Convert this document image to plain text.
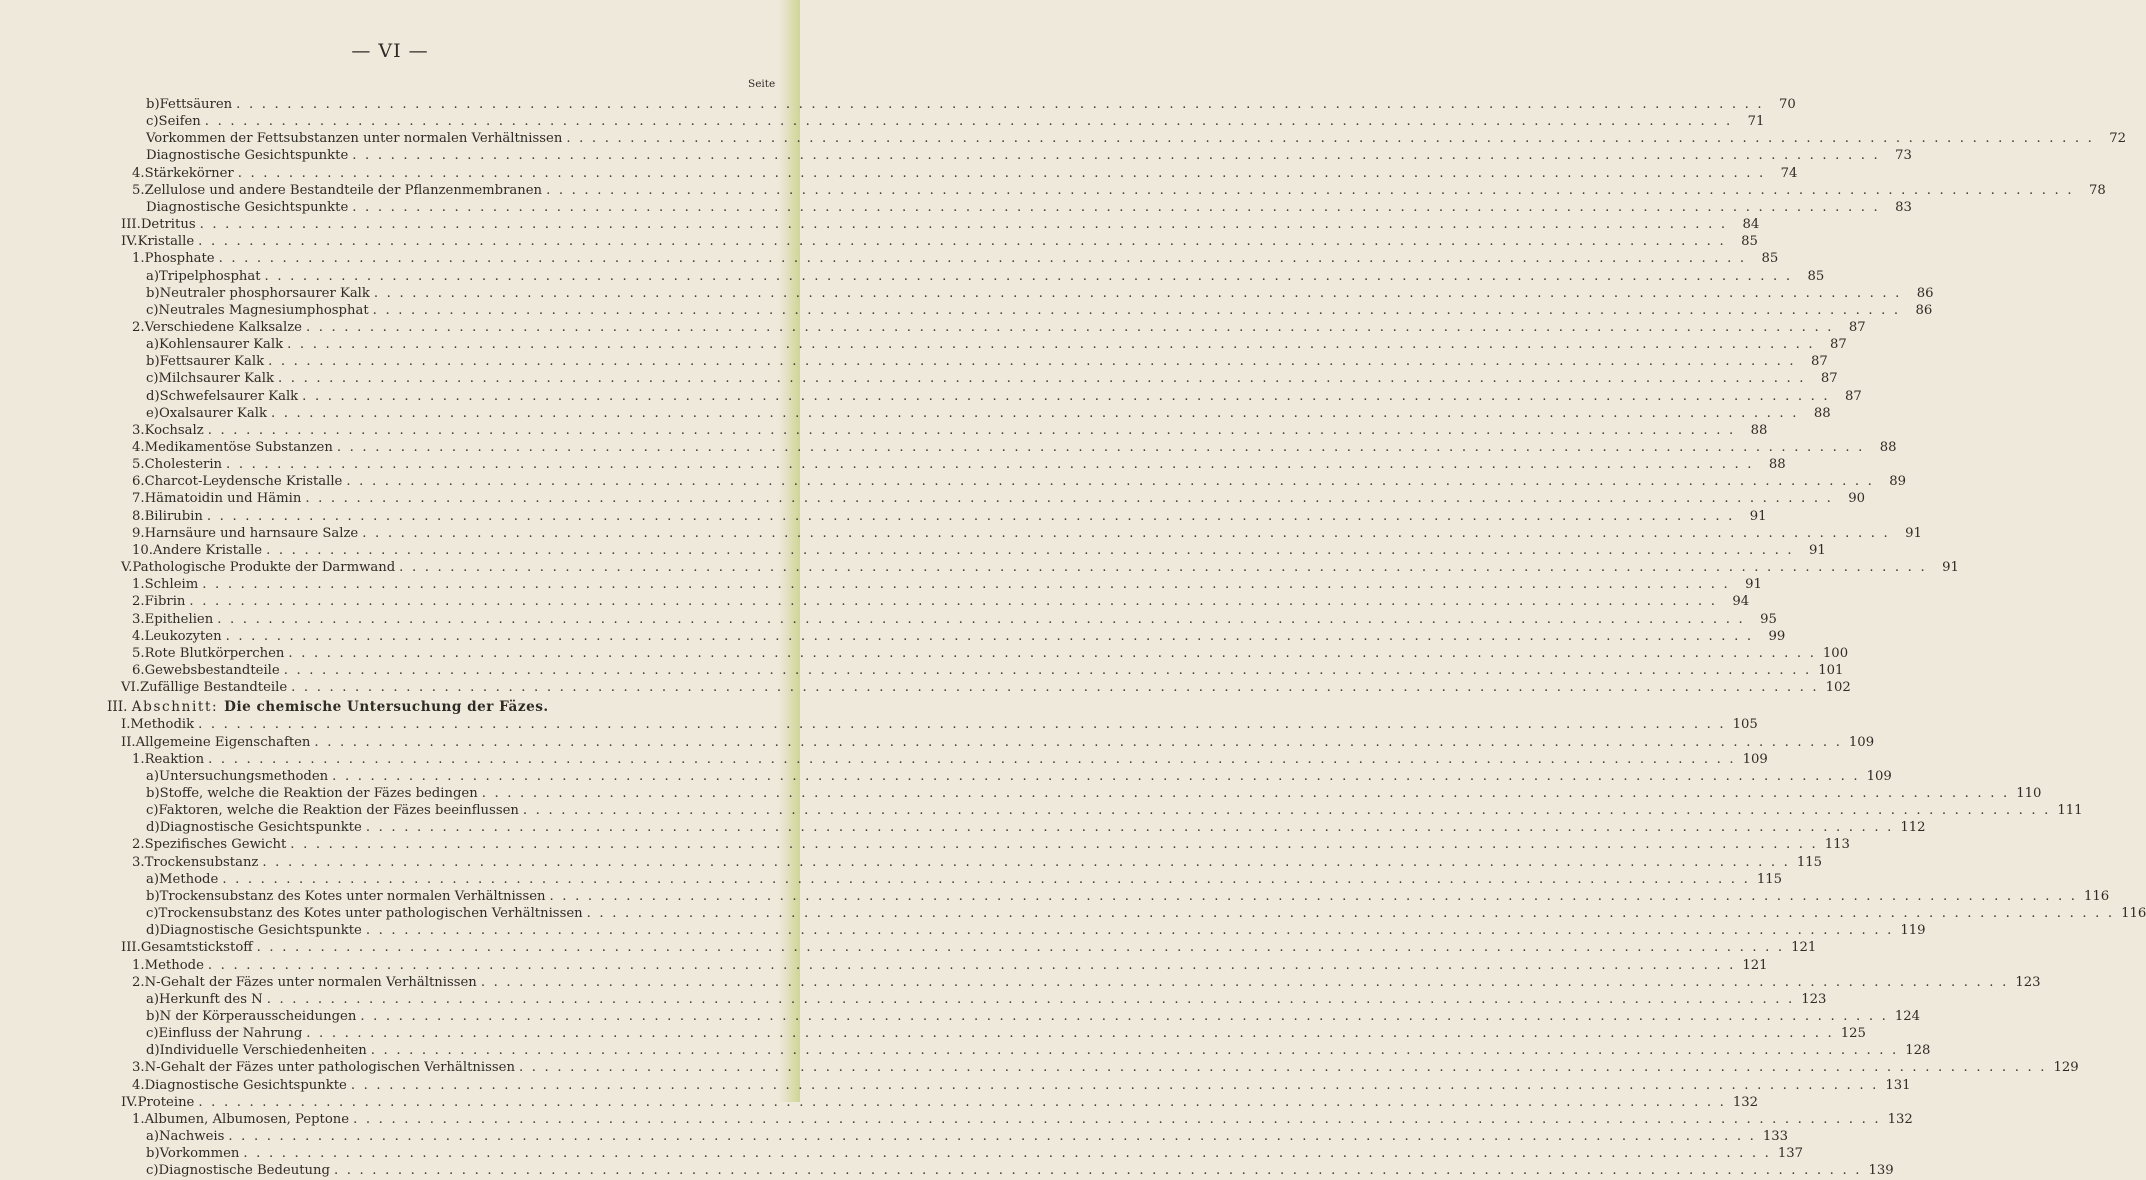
— VI —
Seite
b) Fettsäuren . . . . . . . . . . . . . . . . . . . . . . . . . . . . . . . . . . . . . . . . . . . . . . . . . . . . . . . . . . . . . . . . . . . . . . . . . . . . . . . . . . . . . . . . . . . . . . . . . . . . . . . . . . . . . . . . . . . . . . . .	70
c) Seifen . . . . . . . . . . . . . . . . . . . . . . . . . . . . . . . . . . . . . . . . . . . . . . . . . . . . . . . . . . . . . . . . . . . . . . . . . . . . . . . . . . . . . . . . . . . . . . . . . . . . . . . . . . . . . . . . . . . . . . . .	71
Vorkommen der Fettsubstanzen unter normalen Verhältnissen . . . . . . . . . . . . . . . . . . . . . . . . . . . . . . . . . . . . . . . . . . . . . . . . . . . . . . . . . . . . . . . . . . . . . . . . . . . . . . . . . . . . . . . . . . . . . . . . . . . . . . . . . . . . . . . . . . . . . . . .	72
Diagnostische Gesichtspunkte . . . . . . . . . . . . . . . . . . . . . . . . . . . . . . . . . . . . . . . . . . . . . . . . . . . . . . . . . . . . . . . . . . . . . . . . . . . . . . . . . . . . . . . . . . . . . . . . . . . . . . . . . . . . . . . . . . . . . . . .	73
4. Stärkekörner . . . . . . . . . . . . . . . . . . . . . . . . . . . . . . . . . . . . . . . . . . . . . . . . . . . . . . . . . . . . . . . . . . . . . . . . . . . . . . . . . . . . . . . . . . . . . . . . . . . . . . . . . . . . . . . . . . . . . . . .	74
5. Zellulose und andere Bestandteile der Pflanzenmembranen . . . . . . . . . . . . . . . . . . . . . . . . . . . . . . . . . . . . . . . . . . . . . . . . . . . . . . . . . . . . . . . . . . . . . . . . . . . . . . . . . . . . . . . . . . . . . . . . . . . . . . . . . . . . . . . . . . . . . . . .	78
Diagnostische Gesichtspunkte . . . . . . . . . . . . . . . . . . . . . . . . . . . . . . . . . . . . . . . . . . . . . . . . . . . . . . . . . . . . . . . . . . . . . . . . . . . . . . . . . . . . . . . . . . . . . . . . . . . . . . . . . . . . . . . . . . . . . . . .	83
III. Detritus . . . . . . . . . . . . . . . . . . . . . . . . . . . . . . . . . . . . . . . . . . . . . . . . . . . . . . . . . . . . . . . . . . . . . . . . . . . . . . . . . . . . . . . . . . . . . . . . . . . . . . . . . . . . . . . . . . . . . . . .	84
IV. Kristalle . . . . . . . . . . . . . . . . . . . . . . . . . . . . . . . . . . . . . . . . . . . . . . . . . . . . . . . . . . . . . . . . . . . . . . . . . . . . . . . . . . . . . . . . . . . . . . . . . . . . . . . . . . . . . . . . . . . . . . . .	85
1. Phosphate . . . . . . . . . . . . . . . . . . . . . . . . . . . . . . . . . . . . . . . . . . . . . . . . . . . . . . . . . . . . . . . . . . . . . . . . . . . . . . . . . . . . . . . . . . . . . . . . . . . . . . . . . . . . . . . . . . . . . . . .	85
a) Tripelphosphat . . . . . . . . . . . . . . . . . . . . . . . . . . . . . . . . . . . . . . . . . . . . . . . . . . . . . . . . . . . . . . . . . . . . . . . . . . . . . . . . . . . . . . . . . . . . . . . . . . . . . . . . . . . . . . . . . . . . . . . .	85
b) Neutraler phosphorsaurer Kalk . . . . . . . . . . . . . . . . . . . . . . . . . . . . . . . . . . . . . . . . . . . . . . . . . . . . . . . . . . . . . . . . . . . . . . . . . . . . . . . . . . . . . . . . . . . . . . . . . . . . . . . . . . . . . . . . . . . . . . . .	86
c) Neutrales Magnesiumphosphat . . . . . . . . . . . . . . . . . . . . . . . . . . . . . . . . . . . . . . . . . . . . . . . . . . . . . . . . . . . . . . . . . . . . . . . . . . . . . . . . . . . . . . . . . . . . . . . . . . . . . . . . . . . . . . . . . . . . . . . .	86
2. Verschiedene Kalksalze . . . . . . . . . . . . . . . . . . . . . . . . . . . . . . . . . . . . . . . . . . . . . . . . . . . . . . . . . . . . . . . . . . . . . . . . . . . . . . . . . . . . . . . . . . . . . . . . . . . . . . . . . . . . . . . . . . . . . . . .	87
a) Kohlensaurer Kalk . . . . . . . . . . . . . . . . . . . . . . . . . . . . . . . . . . . . . . . . . . . . . . . . . . . . . . . . . . . . . . . . . . . . . . . . . . . . . . . . . . . . . . . . . . . . . . . . . . . . . . . . . . . . . . . . . . . . . . . .	87
b) Fettsaurer Kalk . . . . . . . . . . . . . . . . . . . . . . . . . . . . . . . . . . . . . . . . . . . . . . . . . . . . . . . . . . . . . . . . . . . . . . . . . . . . . . . . . . . . . . . . . . . . . . . . . . . . . . . . . . . . . . . . . . . . . . . .	87
c) Milchsaurer Kalk . . . . . . . . . . . . . . . . . . . . . . . . . . . . . . . . . . . . . . . . . . . . . . . . . . . . . . . . . . . . . . . . . . . . . . . . . . . . . . . . . . . . . . . . . . . . . . . . . . . . . . . . . . . . . . . . . . . . . . . .	87
d) Schwefelsaurer Kalk . . . . . . . . . . . . . . . . . . . . . . . . . . . . . . . . . . . . . . . . . . . . . . . . . . . . . . . . . . . . . . . . . . . . . . . . . . . . . . . . . . . . . . . . . . . . . . . . . . . . . . . . . . . . . . . . . . . . . . . .	87
e) Oxalsaurer Kalk . . . . . . . . . . . . . . . . . . . . . . . . . . . . . . . . . . . . . . . . . . . . . . . . . . . . . . . . . . . . . . . . . . . . . . . . . . . . . . . . . . . . . . . . . . . . . . . . . . . . . . . . . . . . . . . . . . . . . . . .	88
3. Kochsalz . . . . . . . . . . . . . . . . . . . . . . . . . . . . . . . . . . . . . . . . . . . . . . . . . . . . . . . . . . . . . . . . . . . . . . . . . . . . . . . . . . . . . . . . . . . . . . . . . . . . . . . . . . . . . . . . . . . . . . . .	88
4. Medikamentöse Substanzen . . . . . . . . . . . . . . . . . . . . . . . . . . . . . . . . . . . . . . . . . . . . . . . . . . . . . . . . . . . . . . . . . . . . . . . . . . . . . . . . . . . . . . . . . . . . . . . . . . . . . . . . . . . . . . . . . . . . . . . .	88
5. Cholesterin . . . . . . . . . . . . . . . . . . . . . . . . . . . . . . . . . . . . . . . . . . . . . . . . . . . . . . . . . . . . . . . . . . . . . . . . . . . . . . . . . . . . . . . . . . . . . . . . . . . . . . . . . . . . . . . . . . . . . . . .	88
6. Charcot-Leydensche Kristalle . . . . . . . . . . . . . . . . . . . . . . . . . . . . . . . . . . . . . . . . . . . . . . . . . . . . . . . . . . . . . . . . . . . . . . . . . . . . . . . . . . . . . . . . . . . . . . . . . . . . . . . . . . . . . . . . . . . . . . . .	89
7. Hämatoidin und Hämin . . . . . . . . . . . . . . . . . . . . . . . . . . . . . . . . . . . . . . . . . . . . . . . . . . . . . . . . . . . . . . . . . . . . . . . . . . . . . . . . . . . . . . . . . . . . . . . . . . . . . . . . . . . . . . . . . . . . . . . .	90
8. Bilirubin . . . . . . . . . . . . . . . . . . . . . . . . . . . . . . . . . . . . . . . . . . . . . . . . . . . . . . . . . . . . . . . . . . . . . . . . . . . . . . . . . . . . . . . . . . . . . . . . . . . . . . . . . . . . . . . . . . . . . . . .	91
9. Harnsäure und harnsaure Salze . . . . . . . . . . . . . . . . . . . . . . . . . . . . . . . . . . . . . . . . . . . . . . . . . . . . . . . . . . . . . . . . . . . . . . . . . . . . . . . . . . . . . . . . . . . . . . . . . . . . . . . . . . . . . . . . . . . . . . . .	91
10. Andere Kristalle . . . . . . . . . . . . . . . . . . . . . . . . . . . . . . . . . . . . . . . . . . . . . . . . . . . . . . . . . . . . . . . . . . . . . . . . . . . . . . . . . . . . . . . . . . . . . . . . . . . . . . . . . . . . . . . . . . . . . . . .	91
V. Pathologische Produkte der Darmwand . . . . . . . . . . . . . . . . . . . . . . . . . . . . . . . . . . . . . . . . . . . . . . . . . . . . . . . . . . . . . . . . . . . . . . . . . . . . . . . . . . . . . . . . . . . . . . . . . . . . . . . . . . . . . . . . . . . . . . . .	91
1. Schleim . . . . . . . . . . . . . . . . . . . . . . . . . . . . . . . . . . . . . . . . . . . . . . . . . . . . . . . . . . . . . . . . . . . . . . . . . . . . . . . . . . . . . . . . . . . . . . . . . . . . . . . . . . . . . . . . . . . . . . . .	91
2. Fibrin . . . . . . . . . . . . . . . . . . . . . . . . . . . . . . . . . . . . . . . . . . . . . . . . . . . . . . . . . . . . . . . . . . . . . . . . . . . . . . . . . . . . . . . . . . . . . . . . . . . . . . . . . . . . . . . . . . . . . . . .	94
3. Epithelien . . . . . . . . . . . . . . . . . . . . . . . . . . . . . . . . . . . . . . . . . . . . . . . . . . . . . . . . . . . . . . . . . . . . . . . . . . . . . . . . . . . . . . . . . . . . . . . . . . . . . . . . . . . . . . . . . . . . . . . .	95
4. Leukozyten . . . . . . . . . . . . . . . . . . . . . . . . . . . . . . . . . . . . . . . . . . . . . . . . . . . . . . . . . . . . . . . . . . . . . . . . . . . . . . . . . . . . . . . . . . . . . . . . . . . . . . . . . . . . . . . . . . . . . . . .	99
5. Rote Blutkörperchen . . . . . . . . . . . . . . . . . . . . . . . . . . . . . . . . . . . . . . . . . . . . . . . . . . . . . . . . . . . . . . . . . . . . . . . . . . . . . . . . . . . . . . . . . . . . . . . . . . . . . . . . . . . . . . . . . . . . . . . . 100
6. Gewebsbestandteile . . . . . . . . . . . . . . . . . . . . . . . . . . . . . . . . . . . . . . . . . . . . . . . . . . . . . . . . . . . . . . . . . . . . . . . . . . . . . . . . . . . . . . . . . . . . . . . . . . . . . . . . . . . . . . . . . . . . . . . . 101
VI. Zufällige Bestandteile . . . . . . . . . . . . . . . . . . . . . . . . . . . . . . . . . . . . . . . . . . . . . . . . . . . . . . . . . . . . . . . . . . . . . . . . . . . . . . . . . . . . . . . . . . . . . . . . . . . . . . . . . . . . . . . . . . . . . . . . 102
III. Abschnitt: Die chemische Untersuchung der Fäzes.
I. Methodik . . . . . . . . . . . . . . . . . . . . . . . . . . . . . . . . . . . . . . . . . . . . . . . . . . . . . . . . . . . . . . . . . . . . . . . . . . . . . . . . . . . . . . . . . . . . . . . . . . . . . . . . . . . . . . . . . . . . . . . . 105
II. Allgemeine Eigenschaften . . . . . . . . . . . . . . . . . . . . . . . . . . . . . . . . . . . . . . . . . . . . . . . . . . . . . . . . . . . . . . . . . . . . . . . . . . . . . . . . . . . . . . . . . . . . . . . . . . . . . . . . . . . . . . . . . . . . . . . . 109
1. Reaktion . . . . . . . . . . . . . . . . . . . . . . . . . . . . . . . . . . . . . . . . . . . . . . . . . . . . . . . . . . . . . . . . . . . . . . . . . . . . . . . . . . . . . . . . . . . . . . . . . . . . . . . . . . . . . . . . . . . . . . . . 109
a) Untersuchungsmethoden . . . . . . . . . . . . . . . . . . . . . . . . . . . . . . . . . . . . . . . . . . . . . . . . . . . . . . . . . . . . . . . . . . . . . . . . . . . . . . . . . . . . . . . . . . . . . . . . . . . . . . . . . . . . . . . . . . . . . . . . 109
b) Stoffe, welche die Reaktion der Fäzes bedingen . . . . . . . . . . . . . . . . . . . . . . . . . . . . . . . . . . . . . . . . . . . . . . . . . . . . . . . . . . . . . . . . . . . . . . . . . . . . . . . . . . . . . . . . . . . . . . . . . . . . . . . . . . . . . . . . . . . . . . . . 110
c) Faktoren, welche die Reaktion der Fäzes beeinflussen . . . . . . . . . . . . . . . . . . . . . . . . . . . . . . . . . . . . . . . . . . . . . . . . . . . . . . . . . . . . . . . . . . . . . . . . . . . . . . . . . . . . . . . . . . . . . . . . . . . . . . . . . . . . . . . . . . . . . . . . 111
d) Diagnostische Gesichtspunkte . . . . . . . . . . . . . . . . . . . . . . . . . . . . . . . . . . . . . . . . . . . . . . . . . . . . . . . . . . . . . . . . . . . . . . . . . . . . . . . . . . . . . . . . . . . . . . . . . . . . . . . . . . . . . . . . . . . . . . . . 112
2. Spezifisches Gewicht . . . . . . . . . . . . . . . . . . . . . . . . . . . . . . . . . . . . . . . . . . . . . . . . . . . . . . . . . . . . . . . . . . . . . . . . . . . . . . . . . . . . . . . . . . . . . . . . . . . . . . . . . . . . . . . . . . . . . . . . 113
3. Trockensubstanz . . . . . . . . . . . . . . . . . . . . . . . . . . . . . . . . . . . . . . . . . . . . . . . . . . . . . . . . . . . . . . . . . . . . . . . . . . . . . . . . . . . . . . . . . . . . . . . . . . . . . . . . . . . . . . . . . . . . . . . . 115
a) Methode . . . . . . . . . . . . . . . . . . . . . . . . . . . . . . . . . . . . . . . . . . . . . . . . . . . . . . . . . . . . . . . . . . . . . . . . . . . . . . . . . . . . . . . . . . . . . . . . . . . . . . . . . . . . . . . . . . . . . . . . 115
b) Trockensubstanz des Kotes unter normalen Verhältnissen . . . . . . . . . . . . . . . . . . . . . . . . . . . . . . . . . . . . . . . . . . . . . . . . . . . . . . . . . . . . . . . . . . . . . . . . . . . . . . . . . . . . . . . . . . . . . . . . . . . . . . . . . . . . . . . . . . . . . . . . 116
c) Trockensubstanz des Kotes unter pathologischen Verhältnissen . . . . . . . . . . . . . . . . . . . . . . . . . . . . . . . . . . . . . . . . . . . . . . . . . . . . . . . . . . . . . . . . . . . . . . . . . . . . . . . . . . . . . . . . . . . . . . . . . . . . . . . . . . . . . . . . . . . . . . . . 116
d) Diagnostische Gesichtspunkte . . . . . . . . . . . . . . . . . . . . . . . . . . . . . . . . . . . . . . . . . . . . . . . . . . . . . . . . . . . . . . . . . . . . . . . . . . . . . . . . . . . . . . . . . . . . . . . . . . . . . . . . . . . . . . . . . . . . . . . . 119
III. Gesamtstickstoff . . . . . . . . . . . . . . . . . . . . . . . . . . . . . . . . . . . . . . . . . . . . . . . . . . . . . . . . . . . . . . . . . . . . . . . . . . . . . . . . . . . . . . . . . . . . . . . . . . . . . . . . . . . . . . . . . . . . . . . . 121
1. Methode . . . . . . . . . . . . . . . . . . . . . . . . . . . . . . . . . . . . . . . . . . . . . . . . . . . . . . . . . . . . . . . . . . . . . . . . . . . . . . . . . . . . . . . . . . . . . . . . . . . . . . . . . . . . . . . . . . . . . . . . 121
2. N-Gehalt der Fäzes unter normalen Verhältnissen . . . . . . . . . . . . . . . . . . . . . . . . . . . . . . . . . . . . . . . . . . . . . . . . . . . . . . . . . . . . . . . . . . . . . . . . . . . . . . . . . . . . . . . . . . . . . . . . . . . . . . . . . . . . . . . . . . . . . . . . 123
a) Herkunft des N . . . . . . . . . . . . . . . . . . . . . . . . . . . . . . . . . . . . . . . . . . . . . . . . . . . . . . . . . . . . . . . . . . . . . . . . . . . . . . . . . . . . . . . . . . . . . . . . . . . . . . . . . . . . . . . . . . . . . . . . 123
b) N der Körperausscheidungen . . . . . . . . . . . . . . . . . . . . . . . . . . . . . . . . . . . . . . . . . . . . . . . . . . . . . . . . . . . . . . . . . . . . . . . . . . . . . . . . . . . . . . . . . . . . . . . . . . . . . . . . . . . . . . . . . . . . . . . . 124
c) Einfluss der Nahrung . . . . . . . . . . . . . . . . . . . . . . . . . . . . . . . . . . . . . . . . . . . . . . . . . . . . . . . . . . . . . . . . . . . . . . . . . . . . . . . . . . . . . . . . . . . . . . . . . . . . . . . . . . . . . . . . . . . . . . . . 125
d) Individuelle Verschiedenheiten . . . . . . . . . . . . . . . . . . . . . . . . . . . . . . . . . . . . . . . . . . . . . . . . . . . . . . . . . . . . . . . . . . . . . . . . . . . . . . . . . . . . . . . . . . . . . . . . . . . . . . . . . . . . . . . . . . . . . . . . 128
3. N-Gehalt der Fäzes unter pathologischen Verhältnissen . . . . . . . . . . . . . . . . . . . . . . . . . . . . . . . . . . . . . . . . . . . . . . . . . . . . . . . . . . . . . . . . . . . . . . . . . . . . . . . . . . . . . . . . . . . . . . . . . . . . . . . . . . . . . . . . . . . . . . . . 129
4. Diagnostische Gesichtspunkte . . . . . . . . . . . . . . . . . . . . . . . . . . . . . . . . . . . . . . . . . . . . . . . . . . . . . . . . . . . . . . . . . . . . . . . . . . . . . . . . . . . . . . . . . . . . . . . . . . . . . . . . . . . . . . . . . . . . . . . . 131
IV. Proteine . . . . . . . . . . . . . . . . . . . . . . . . . . . . . . . . . . . . . . . . . . . . . . . . . . . . . . . . . . . . . . . . . . . . . . . . . . . . . . . . . . . . . . . . . . . . . . . . . . . . . . . . . . . . . . . . . . . . . . . . 132
1. Albumen, Albumosen, Peptone . . . . . . . . . . . . . . . . . . . . . . . . . . . . . . . . . . . . . . . . . . . . . . . . . . . . . . . . . . . . . . . . . . . . . . . . . . . . . . . . . . . . . . . . . . . . . . . . . . . . . . . . . . . . . . . . . . . . . . . . 132
a) Nachweis . . . . . . . . . . . . . . . . . . . . . . . . . . . . . . . . . . . . . . . . . . . . . . . . . . . . . . . . . . . . . . . . . . . . . . . . . . . . . . . . . . . . . . . . . . . . . . . . . . . . . . . . . . . . . . . . . . . . . . . . 133
b) Vorkommen . . . . . . . . . . . . . . . . . . . . . . . . . . . . . . . . . . . . . . . . . . . . . . . . . . . . . . . . . . . . . . . . . . . . . . . . . . . . . . . . . . . . . . . . . . . . . . . . . . . . . . . . . . . . . . . . . . . . . . . . 137
c) Diagnostische Bedeutung . . . . . . . . . . . . . . . . . . . . . . . . . . . . . . . . . . . . . . . . . . . . . . . . . . . . . . . . . . . . . . . . . . . . . . . . . . . . . . . . . . . . . . . . . . . . . . . . . . . . . . . . . . . . . . . . . . . . . . . . 139
